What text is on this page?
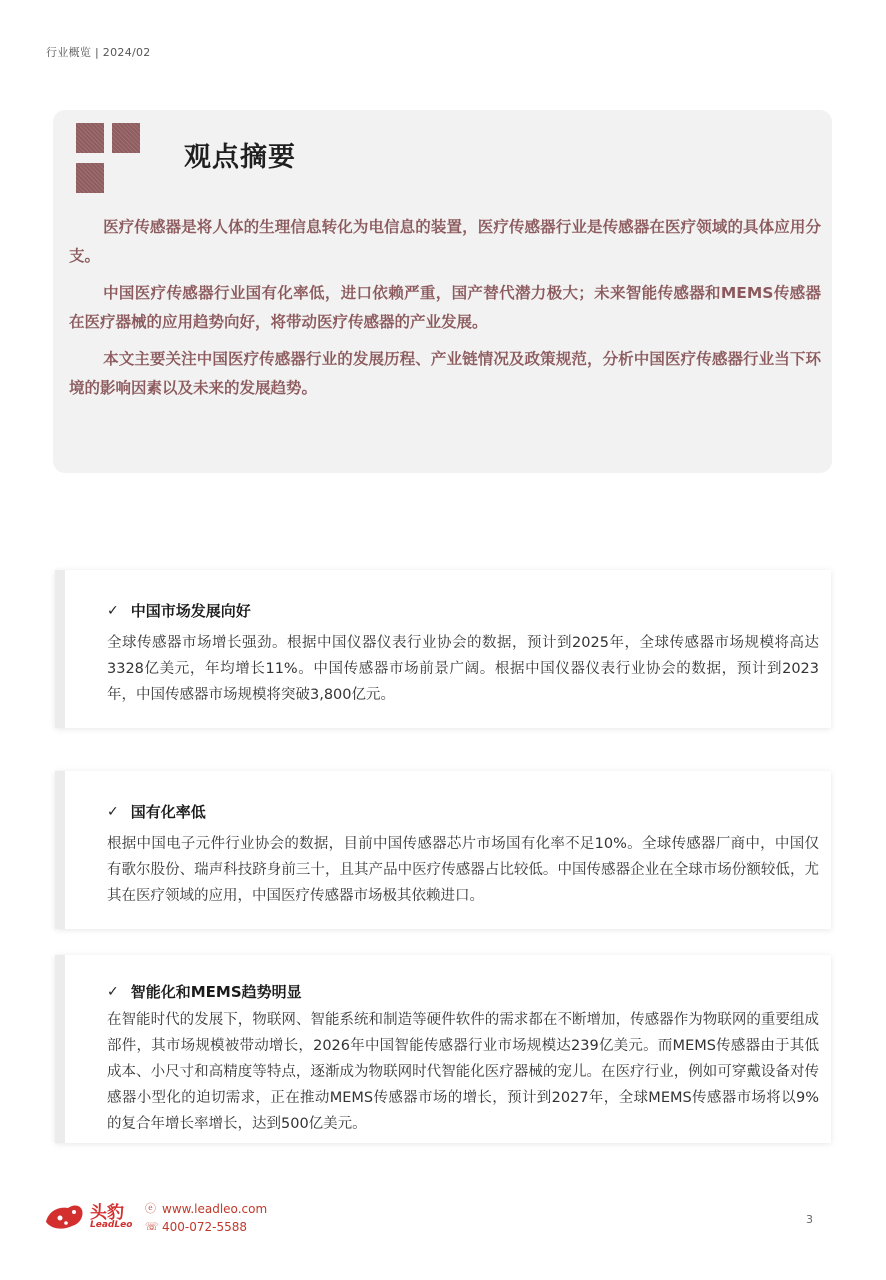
行业概览 | 2024/02
观点摘要

医疗传感器是将人体的生理信息转化为电信息的装置，医疗传感器行业是传感器在医疗领域的具体应用分支。

中国医疗传感器行业国有化率低，进口依赖严重，国产替代潜力极大；未来智能传感器和MEMS传感器在医疗器械的应用趋势向好，将带动医疗传感器的产业发展。

本文主要关注中国医疗传感器行业的发展历程、产业链情况及政策规范，分析中国医疗传感器行业当下环境的影响因素以及未来的发展趋势。

✓ 中国市场发展向好
全球传感器市场增长强劲。根据中国仪器仪表行业协会的数据，预计到2025年，全球传感器市场规模将高达3328亿美元，年均增长11%。中国传感器市场前景广阔。根据中国仪器仪表行业协会的数据，预计到2023年，中国传感器市场规模将突破3,800亿元。
✓ 国有化率低
根据中国电子元件行业协会的数据，目前中国传感器芯片市场国有化率不足10%。全球传感器厂商中，中国仅有歌尔股份、瑞声科技跻身前三十，且其产品中医疗传感器占比较低。中国传感器企业在全球市场份额较低，尤其在医疗领域的应用，中国医疗传感器市场极其依赖进口。
✓ 智能化和MEMS趋势明显
在智能时代的发展下，物联网、智能系统和制造等硬件软件的需求都在不断增加，传感器作为物联网的重要组成部件，其市场规模被带动增长，2026年中国智能传感器行业市场规模达239亿美元。而MEMS传感器由于其低成本、小尺寸和高精度等特点，逐渐成为物联网时代智能化医疗器械的宠儿。在医疗行业，例如可穿戴设备对传感器小型化的迫切需求，正在推动MEMS传感器市场的增长，预计到2027年，全球MEMS传感器市场将以9%的复合年增长率增长，达到500亿美元。
头豹
LeadLeo
ⓔ www.leadleo.com
☏ 400-072-5588
3
